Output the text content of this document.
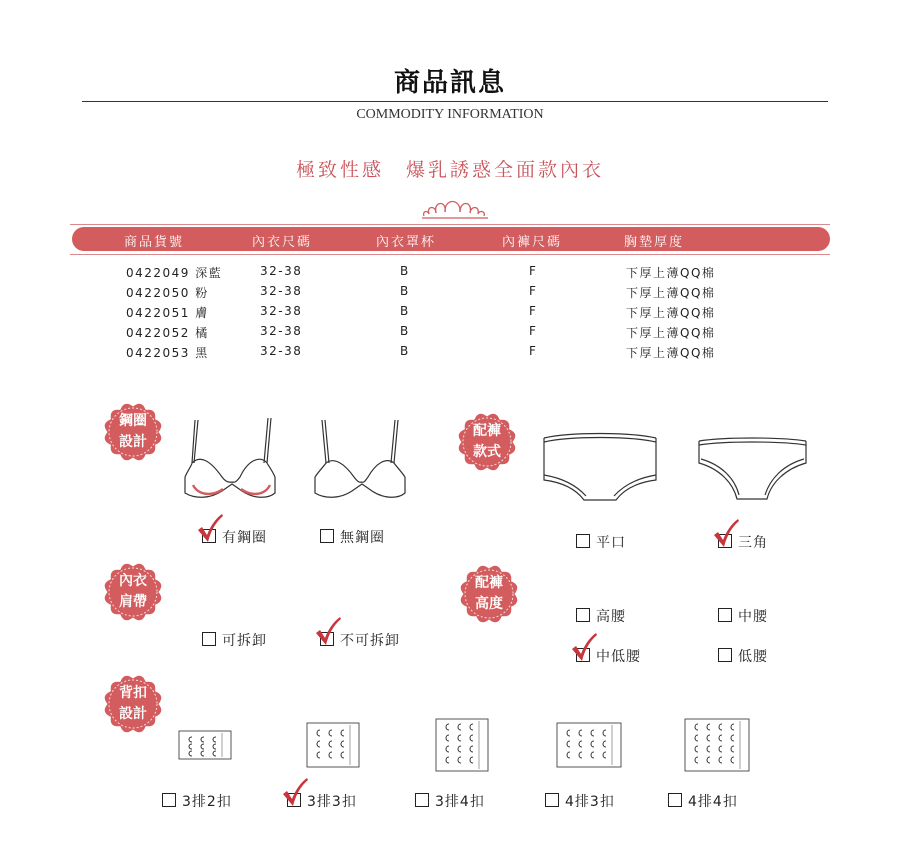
商品訊息
COMMODITY INFORMATION
極致性感　爆乳誘惑全面款內衣
商品貨號	內衣尺碼	內衣罩杯	內褲尺碼	胸墊厚度
0422049 深藍	32-38	B	F	下厚上薄QQ棉
0422050 粉	32-38	B	F	下厚上薄QQ棉
0422051 膚	32-38	B	F	下厚上薄QQ棉
0422052 橘	32-38	B	F	下厚上薄QQ棉
0422053 黑	32-38	B	F	下厚上薄QQ棉
鋼圈
設計
配褲
款式
內衣
肩帶
配褲
高度
背扣
設計
有鋼圈	無鋼圈	平口	三角
可拆卸	不可拆卸
高腰	中腰
中低腰	低腰
3排2扣	3排3扣	3排4扣	4排3扣	4排4扣
